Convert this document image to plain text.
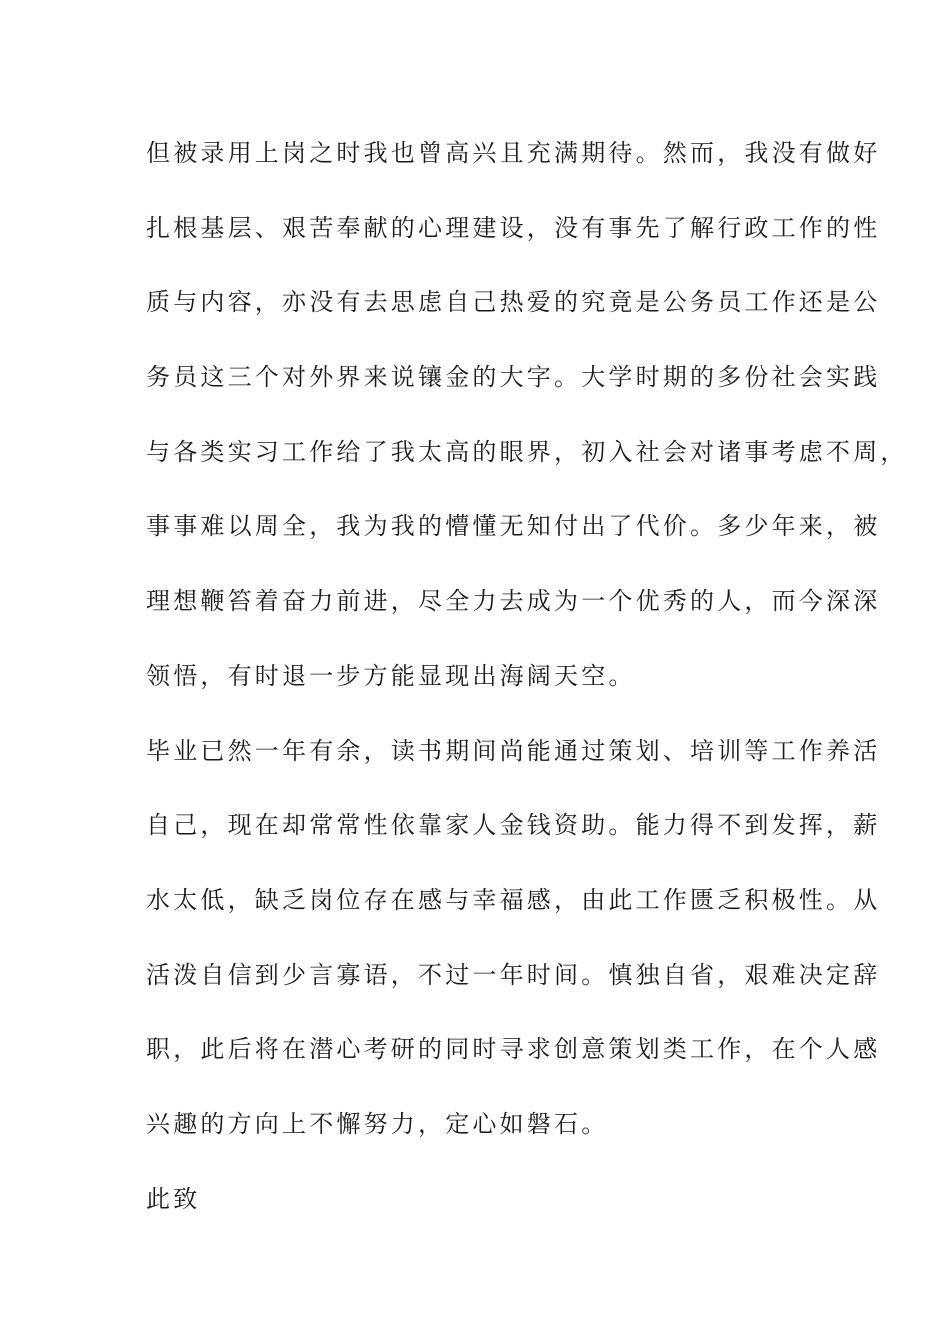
但被录用上岗之时我也曾高兴且充满期待。然而，我没有做好
扎根基层、艰苦奉献的心理建设，没有事先了解行政工作的性
质与内容，亦没有去思虑自己热爱的究竟是公务员工作还是公
务员这三个对外界来说镶金的大字。大学时期的多份社会实践
与各类实习工作给了我太高的眼界，初入社会对诸事考虑不周，
事事难以周全，我为我的懵懂无知付出了代价。多少年来，被
理想鞭笞着奋力前进，尽全力去成为一个优秀的人，而今深深
领悟，有时退一步方能显现出海阔天空。
毕业已然一年有余，读书期间尚能通过策划、培训等工作养活
自己，现在却常常性依靠家人金钱资助。能力得不到发挥，薪
水太低，缺乏岗位存在感与幸福感，由此工作匮乏积极性。从
活泼自信到少言寡语，不过一年时间。慎独自省，艰难决定辞
职，此后将在潜心考研的同时寻求创意策划类工作，在个人感
兴趣的方向上不懈努力，定心如磐石。
此致
